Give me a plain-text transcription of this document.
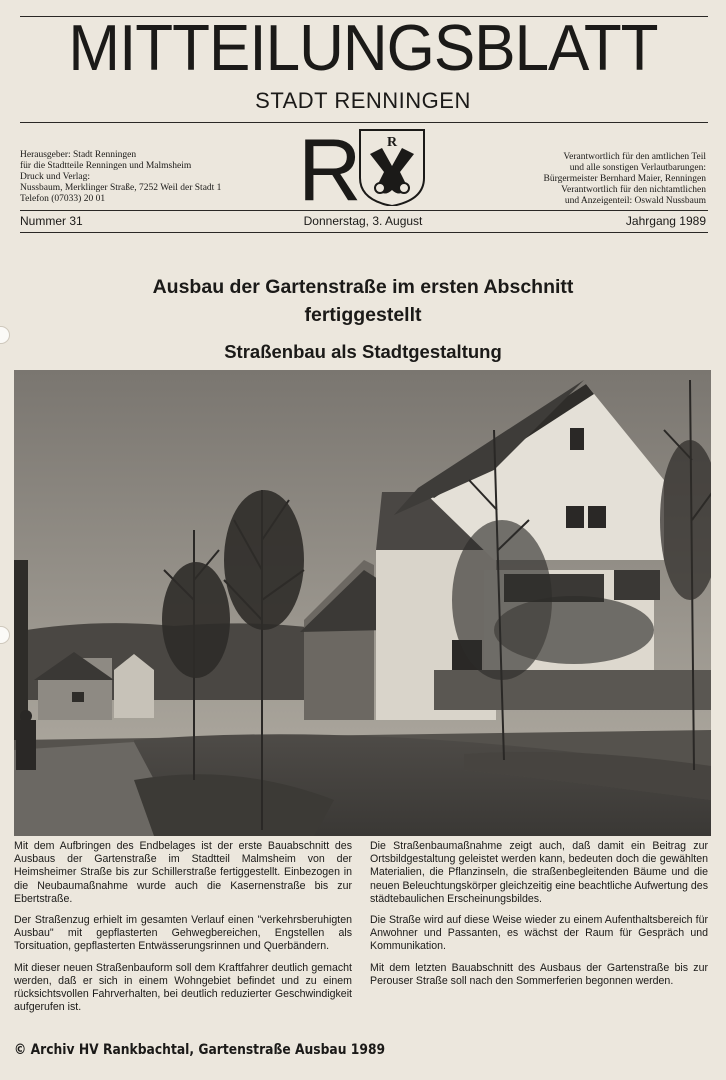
MITTEILUNGSBLATT
STADT RENNINGEN
Herausgeber: Stadt Renningen
für die Stadtteile Renningen und Malmsheim
Druck und Verlag:
Nussbaum, Merklinger Straße, 7252 Weil der Stadt 1
Telefon (07033) 20 01	R R
Verantwortlich für den amtlichen Teil
und alle sonstigen Verlautbarungen:
Bürgermeister Bernhard Maier, Renningen
Verantwortlich für den nichtamtlichen
und Anzeigenteil: Oswald Nussbaum
Nummer 31	Donnerstag, 3. August	Jahrgang 1989
Ausbau der Gartenstraße im ersten Abschnitt
fertiggestellt
Straßenbau als Stadtgestaltung

Mit dem Aufbringen des Endbelages ist der erste Bauabschnitt des Ausbaus der Gartenstraße im Stadtteil Malmsheim von der Heimsheimer Straße bis zur Schillerstraße fertiggestellt. Einbezogen in die Neubaumaßnahme wurde auch die Kasernenstraße bis zur Ebertstraße.

Der Straßenzug erhielt im gesamten Verlauf einen "verkehrsberuhigten Ausbau" mit gepflasterten Gehwegbereichen, Engstellen als Torsituation, gepflasterten Entwässerungsrinnen und Querbändern.

Mit dieser neuen Straßenbauform soll dem Kraftfahrer deutlich gemacht werden, daß er sich in einem Wohngebiet befindet und zu einem rücksichtsvollen Fahrverhalten, bei deutlich reduzierter Geschwindigkeit aufgerufen ist.

Die Straßenbaumaßnahme zeigt auch, daß damit ein Beitrag zur Ortsbildgestaltung geleistet werden kann, bedeuten doch die gewählten Materialien, die Pflanzinseln, die straßenbegleitenden Bäume und die neuen Beleuchtungskörper gleichzeitig eine beachtliche Aufwertung des städtebaulichen Erscheinungsbildes.

Die Straße wird auf diese Weise wieder zu einem Aufenthaltsbereich für Anwohner und Passanten, es wächst der Raum für Gespräch und Kommunikation.

Mit dem letzten Bauabschnitt des Ausbaus der Gartenstraße bis zur Perouser Straße soll nach den Sommerferien begonnen werden.

© Archiv HV Rankbachtal, Gartenstraße Ausbau 1989
